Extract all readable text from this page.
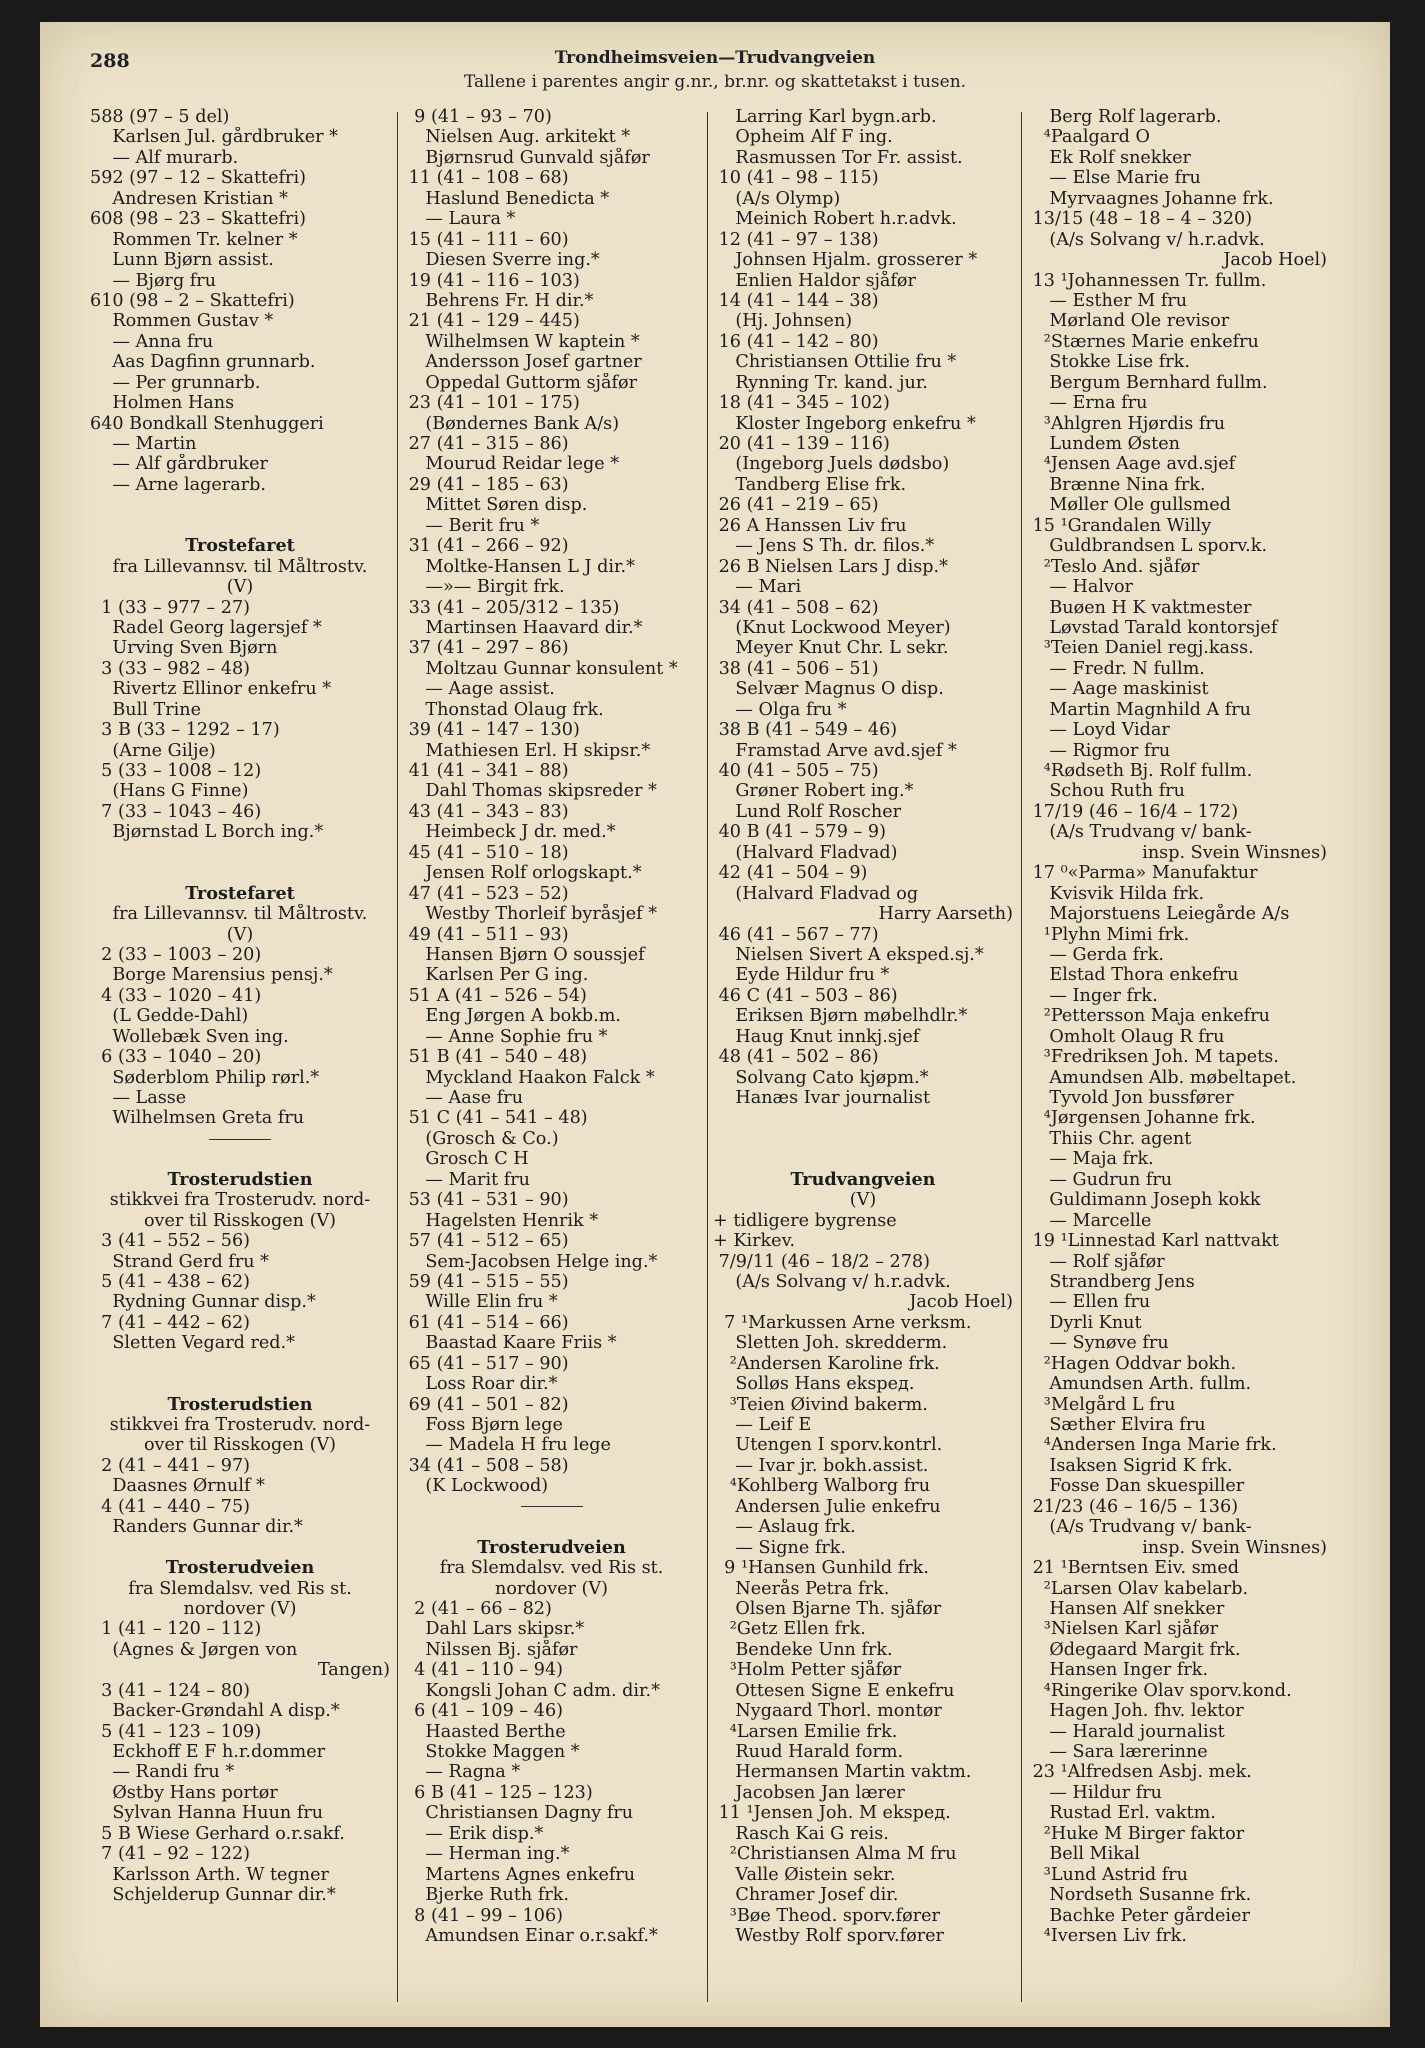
288	Trondheimsveien—Trudvangveien
Tallene i parentes angir g.nr., br.nr. og skattetakst i tusen.
588 (97 – 5 del)
Karlsen Jul. gårdbruker *
— Alf murarb.
592 (97 – 12 – Skattefri)
Andresen Kristian *
608 (98 – 23 – Skattefri)
Rommen Tr. kelner *
Lunn Bjørn assist.
— Bjørg fru
610 (98 – 2 – Skattefri)
Rommen Gustav *
— Anna fru
Aas Dagfinn grunnarb.
— Per grunnarb.
Holmen Hans
640 Bondkall Stenhuggeri
— Martin
— Alf gårdbruker
— Arne lagerarb.
Trostefaret
fra Lillevannsv. til Måltrostv.
(V)
1 (33 – 977 – 27)
Radel Georg lagersjef *
Urving Sven Bjørn
3 (33 – 982 – 48)
Rivertz Ellinor enkefru *
Bull Trine
3 B (33 – 1292 – 17)
(Arne Gilje)
5 (33 – 1008 – 12)
(Hans G Finne)
7 (33 – 1043 – 46)
Bjørnstad L Borch ing.*
Trostefaret
fra Lillevannsv. til Måltrostv.
(V)
2 (33 – 1003 – 20)
Borge Marensius pensj.*
4 (33 – 1020 – 41)
(L Gedde-Dahl)
Wollebæk Sven ing.
6 (33 – 1040 – 20)
Søderblom Philip rørl.*
— Lasse
Wilhelmsen Greta fru
Trosterudstien
stikkvei fra Trosterudv. nord-
over til Risskogen (V)
3 (41 – 552 – 56)
Strand Gerd fru *
5 (41 – 438 – 62)
Rydning Gunnar disp.*
7 (41 – 442 – 62)
Sletten Vegard red.*
Trosterudstien
stikkvei fra Trosterudv. nord-
over til Risskogen (V)
2 (41 – 441 – 97)
Daasnes Ørnulf *
4 (41 – 440 – 75)
Randers Gunnar dir.*
Trosterudveien
fra Slemdalsv. ved Ris st.
nordover (V)
1 (41 – 120 – 112)
(Agnes & Jørgen von
Tangen)
3 (41 – 124 – 80)
Backer-Grøndahl A disp.*
5 (41 – 123 – 109)
Eckhoff E F h.r.dommer
— Randi fru *
Østby Hans portør
Sylvan Hanna Huun fru
5 B Wiese Gerhard o.r.sakf.
7 (41 – 92 – 122)
Karlsson Arth. W tegner
Schjelderup Gunnar dir.*
9 (41 – 93 – 70)
Nielsen Aug. arkitekt *
Bjørnsrud Gunvald sjåfør
11 (41 – 108 – 68)
Haslund Benedicta *
— Laura *
15 (41 – 111 – 60)
Diesen Sverre ing.*
19 (41 – 116 – 103)
Behrens Fr. H dir.*
21 (41 – 129 – 445)
Wilhelmsen W kaptein *
Andersson Josef gartner
Oppedal Guttorm sjåfør
23 (41 – 101 – 175)
(Bøndernes Bank A/s)
27 (41 – 315 – 86)
Mourud Reidar lege *
29 (41 – 185 – 63)
Mittet Søren disp.
— Berit fru *
31 (41 – 266 – 92)
Moltke-Hansen L J dir.*
—»— Birgit frk.
33 (41 – 205/312 – 135)
Martinsen Haavard dir.*
37 (41 – 297 – 86)
Moltzau Gunnar konsulent *
— Aage assist.
Thonstad Olaug frk.
39 (41 – 147 – 130)
Mathiesen Erl. H skipsr.*
41 (41 – 341 – 88)
Dahl Thomas skipsreder *
43 (41 – 343 – 83)
Heimbeck J dr. med.*
45 (41 – 510 – 18)
Jensen Rolf orlogskapt.*
47 (41 – 523 – 52)
Westby Thorleif byråsjef *
49 (41 – 511 – 93)
Hansen Bjørn O soussjef
Karlsen Per G ing.
51 A (41 – 526 – 54)
Eng Jørgen A bokb.m.
— Anne Sophie fru *
51 B (41 – 540 – 48)
Myckland Haakon Falck *
— Aase fru
51 C (41 – 541 – 48)
(Grosch & Co.)
Grosch C H
— Marit fru
53 (41 – 531 – 90)
Hagelsten Henrik *
57 (41 – 512 – 65)
Sem-Jacobsen Helge ing.*
59 (41 – 515 – 55)
Wille Elin fru *
61 (41 – 514 – 66)
Baastad Kaare Friis *
65 (41 – 517 – 90)
Loss Roar dir.*
69 (41 – 501 – 82)
Foss Bjørn lege
— Madela H fru lege
34 (41 – 508 – 58)
(K Lockwood)
Trosterudveien
fra Slemdalsv. ved Ris st.
nordover (V)
2 (41 – 66 – 82)
Dahl Lars skipsr.*
Nilssen Bj. sjåfør
4 (41 – 110 – 94)
Kongsli Johan C adm. dir.*
6 (41 – 109 – 46)
Haasted Berthe
Stokke Maggen *
— Ragna *
6 B (41 – 125 – 123)
Christiansen Dagny fru
— Erik disp.*
— Herman ing.*
Martens Agnes enkefru
Bjerke Ruth frk.
8 (41 – 99 – 106)
Amundsen Einar o.r.sakf.*
Larring Karl bygn.arb.
Opheim Alf F ing.
Rasmussen Tor Fr. assist.
10 (41 – 98 – 115)
(A/s Olymp)
Meinich Robert h.r.advk.
12 (41 – 97 – 138)
Johnsen Hjalm. grosserer *
Enlien Haldor sjåfør
14 (41 – 144 – 38)
(Hj. Johnsen)
16 (41 – 142 – 80)
Christiansen Ottilie fru *
Rynning Tr. kand. jur.
18 (41 – 345 – 102)
Kloster Ingeborg enkefru *
20 (41 – 139 – 116)
(Ingeborg Juels dødsbo)
Tandberg Elise frk.
26 (41 – 219 – 65)
26 A Hanssen Liv fru
— Jens S Th. dr. filos.*
26 B Nielsen Lars J disp.*
— Mari
34 (41 – 508 – 62)
(Knut Lockwood Meyer)
Meyer Knut Chr. L sekr.
38 (41 – 506 – 51)
Selvær Magnus O disp.
— Olga fru *
38 B (41 – 549 – 46)
Framstad Arve avd.sjef *
40 (41 – 505 – 75)
Grøner Robert ing.*
Lund Rolf Roscher
40 B (41 – 579 – 9)
(Halvard Fladvad)
42 (41 – 504 – 9)
(Halvard Fladvad og
Harry Aarseth)
46 (41 – 567 – 77)
Nielsen Sivert A eksped.sj.*
Eyde Hildur fru *
46 C (41 – 503 – 86)
Eriksen Bjørn møbelhdlr.*
Haug Knut innkj.sjef
48 (41 – 502 – 86)
Solvang Cato kjøpm.*
Hanæs Ivar journalist
Trudvangveien
(V)
+ tidligere bygrense
+ Kirkev.
7/9/11 (46 – 18/2 – 278)
(A/s Solvang v/ h.r.advk.
Jacob Hoel)
7 ¹Markussen Arne verksm.
Sletten Joh. skredderm.
²Andersen Karoline frk.
Solløs Hans ekspeд.
³Teien Øivind bakerm.
— Leif E
Utengen I sporv.kontrl.
— Ivar jr. bokh.assist.
⁴Kohlberg Walborg fru
Andersen Julie enkefru
— Aslaug frk.
— Signe frk.
9 ¹Hansen Gunhild frk.
Neerås Petra frk.
Olsen Bjarne Th. sjåfør
²Getz Ellen frk.
Bendeke Unn frk.
³Holm Petter sjåfør
Ottesen Signe E enkefru
Nygaard Thorl. montør
⁴Larsen Emilie frk.
Ruud Harald form.
Hermansen Martin vaktm.
Jacobsen Jan lærer
11 ¹Jensen Joh. M ekspeд.
Rasch Kai G reis.
²Christiansen Alma M fru
Valle Øistein sekr.
Chramer Josef dir.
³Bøe Theod. sporv.fører
Westby Rolf sporv.fører
Berg Rolf lagerarb.
⁴Paalgard O
Ek Rolf snekker
— Else Marie fru
Myrvaagnes Johanne frk.
13/15 (48 – 18 – 4 – 320)
(A/s Solvang v/ h.r.advk.
Jacob Hoel)
13 ¹Johannessen Tr. fullm.
— Esther M fru
Mørland Ole revisor
²Stærnes Marie enkefru
Stokke Lise frk.
Bergum Bernhard fullm.
— Erna fru
³Ahlgren Hjørdis fru
Lundem Østen
⁴Jensen Aage avd.sjef
Brænne Nina frk.
Møller Ole gullsmed
15 ¹Grandalen Willy
Guldbrandsen L sporv.k.
²Teslo And. sjåfør
— Halvor
Buøen H K vaktmester
Løvstad Tarald kontorsjef
³Teien Daniel regj.kass.
— Fredr. N fullm.
— Aage maskinist
Martin Magnhild A fru
— Loyd Vidar
— Rigmor fru
⁴Rødseth Bj. Rolf fullm.
Schou Ruth fru
17/19 (46 – 16/4 – 172)
(A/s Trudvang v/ bank-
insp. Svein Winsnes)
17 ⁰«Parma» Manufaktur
Kvisvik Hilda frk.
Majorstuens Leiegårde A/s
¹Plyhn Mimi frk.
— Gerda frk.
Elstad Thora enkefru
— Inger frk.
²Pettersson Maja enkefru
Omholt Olaug R fru
³Fredriksen Joh. M tapets.
Amundsen Alb. møbeltapet.
Tyvold Jon bussfører
⁴Jørgensen Johanne frk.
Thiis Chr. agent
— Maja frk.
— Gudrun fru
Guldimann Joseph kokk
— Marcelle
19 ¹Linnestad Karl nattvakt
— Rolf sjåfør
Strandberg Jens
— Ellen fru
Dyrli Knut
— Synøve fru
²Hagen Oddvar bokh.
Amundsen Arth. fullm.
³Melgård L fru
Sæther Elvira fru
⁴Andersen Inga Marie frk.
Isaksen Sigrid K frk.
Fosse Dan skuespiller
21/23 (46 – 16/5 – 136)
(A/s Trudvang v/ bank-
insp. Svein Winsnes)
21 ¹Berntsen Eiv. smed
²Larsen Olav kabelarb.
Hansen Alf snekker
³Nielsen Karl sjåfør
Ødegaard Margit frk.
Hansen Inger frk.
⁴Ringerike Olav sporv.kond.
Hagen Joh. fhv. lektor
— Harald journalist
— Sara lærerinne
23 ¹Alfredsen Asbj. mek.
— Hildur fru
Rustad Erl. vaktm.
²Huke M Birger faktor
Bell Mikal
³Lund Astrid fru
Nordseth Susanne frk.
Bachke Peter gårdeier
⁴Iversen Liv frk.
